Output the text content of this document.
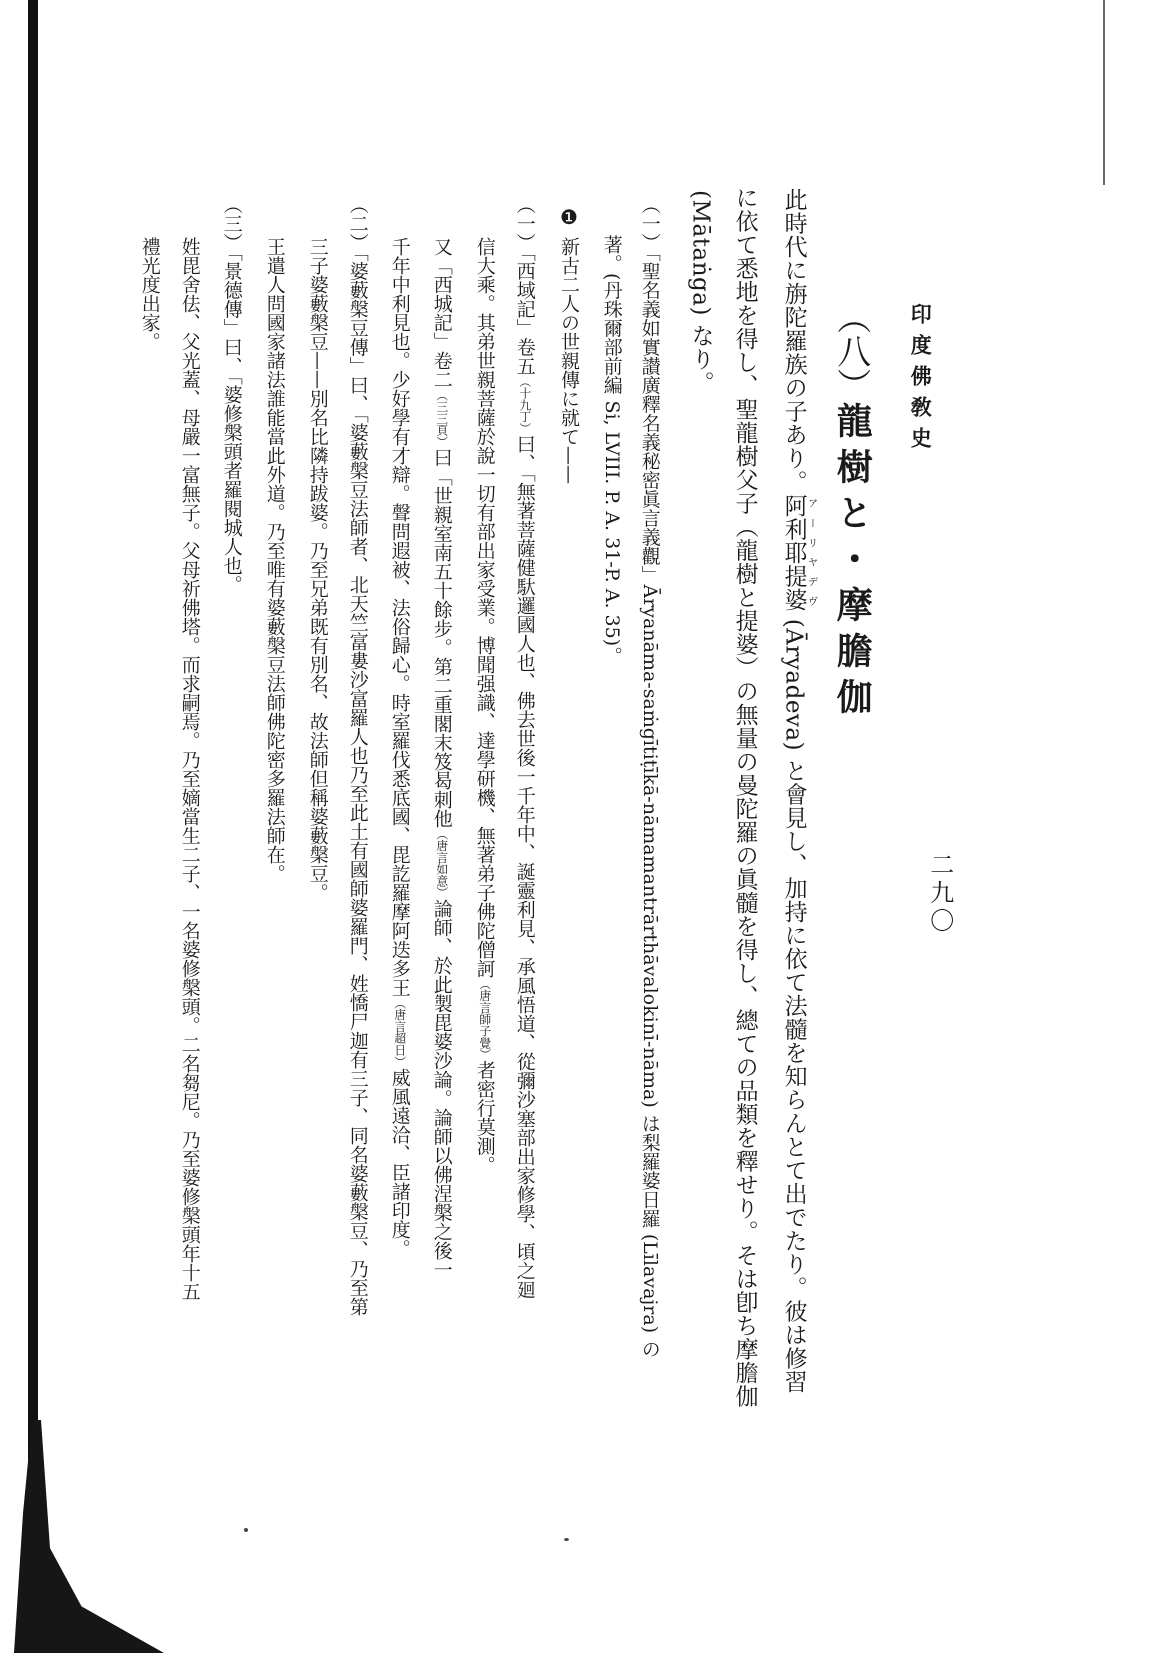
印度佛敎史
二九〇
（八）
龍樹と・摩膽伽
此時代に旃陀羅族の子あり。阿利耶提婆 アーリヤデヴ (Āryadeva) と會見し、加持に依て法髓を知らんとて出でたり。彼は修習
に依て悉地を得し、聖龍樹父子（龍樹と提婆）の無量の曼陀羅の眞髓を得し、總ての品類を釋せり。そは卽ち摩膽伽
(Mātaṅga) なり。
（一）「聖名義如實讃廣釋名義秘密眞言義觀」Āryanāma-saṁgītiṭīkā-nāmamantrārthāvalokinī-nāma) は梨羅婆日羅 (Līlavajra) の
著。(丹珠爾部前編 Si, LVIII. P. A. 31-P. A. 35)。
❶新古二人の世親傳に就て——
（一）「西域記」卷五（十九丁）曰、「無著菩薩健馱邏國人也、佛去世後一千年中、誕靈利見、承風悟道、從彌沙塞部出家修學、頃之廻
信大乘。其弟世親菩薩於說一切有部出家受業。博聞强識、達學研機、無著弟子佛陀僧訶（唐言師子覺）者密行莫測。
又「西城記」卷二（三三頁）曰「世親室南五十餘步。第二重閣末笈曷刺他（唐言如意）論師、於此製毘婆沙論。論師以佛涅槃之後一
千年中利見也。少好學有才辯。聲問遐被、法俗歸心。時室羅伐悉底國、毘訖羅摩阿迭多王（唐言超日）威風遠洽、臣諸印度。
（二）「婆藪槃豆傳」曰、「婆藪槃豆法師者、北天竺富婁沙富羅人也乃至此土有國師婆羅門、姓憍尸迦有三子、同名婆藪槃豆、乃至第
三子婆藪槃豆——別名比隣持跋婆。乃至兄弟既有別名、故法師但稱婆藪槃豆。
王遣人問國家諸法誰能當此外道。乃至唯有婆藪槃豆法師佛陀密多羅法師在。
（三）「景德傳」曰、「婆修槃頭者羅閱城人也。
姓毘舍佉、父光蓋、母嚴一富無子。父母祈佛塔。而求嗣焉。乃至嫡當生二子、一名婆修槃頭。二名芻尼。乃至婆修槃頭年十五
禮光度出家。
